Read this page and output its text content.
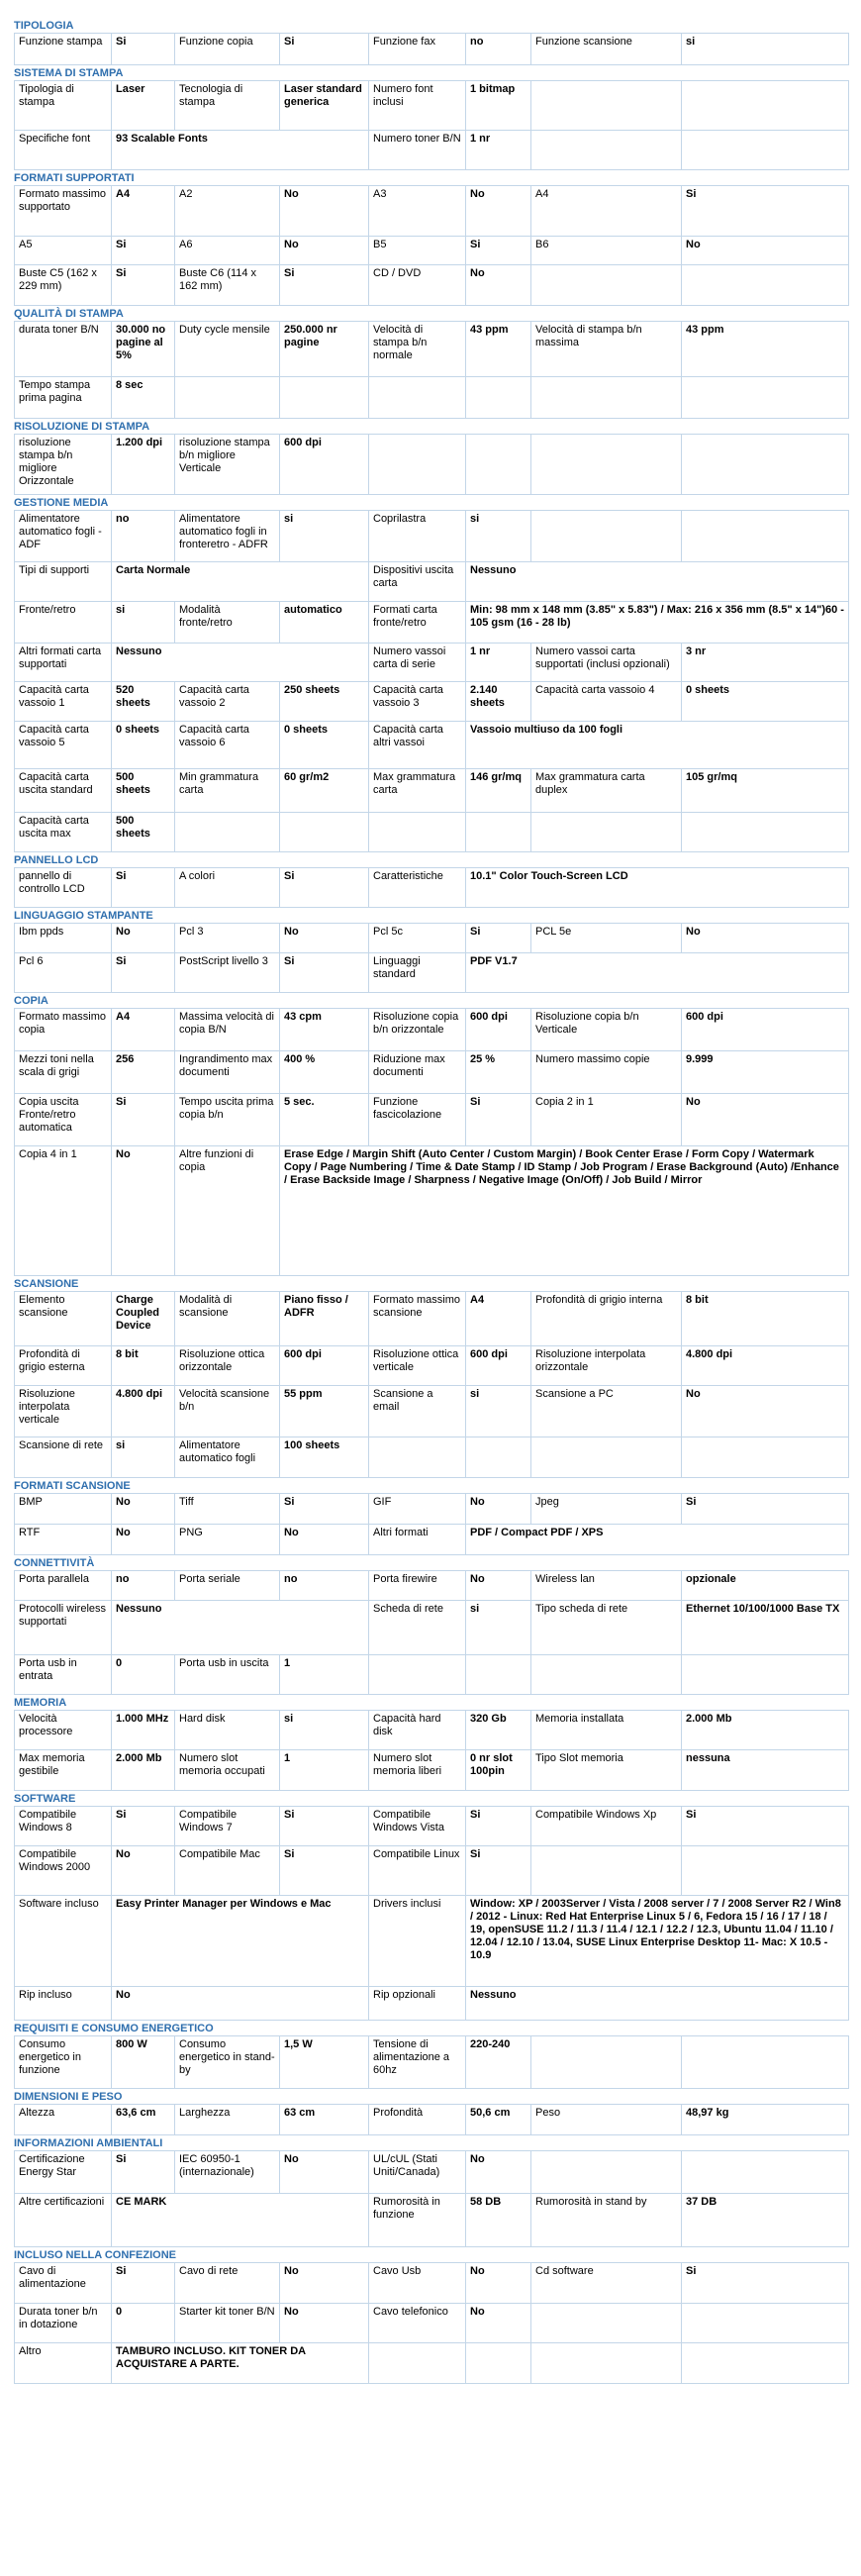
TIPOLOGIA
Funzione stampa	Si	Funzione copia	Si	Funzione fax	no	Funzione scansione	si
SISTEMA DI STAMPA
Tipologia di stampa	Laser	Tecnologia di stampa	Laser standard generica	Numero font inclusi	1 bitmap		
Specifiche font	93 Scalable Fonts			Numero toner B/N	1 nr		
FORMATI SUPPORTATI
Formato massimo supportato	A4	A2	No	A3	No	A4	Si
A5	Si	A6	No	B5	Si	B6	No
Buste C5 (162 x 229 mm)	Si	Buste C6 (114 x 162 mm)	Si	CD / DVD	No		
QUALITÀ DI STAMPA
durata toner B/N	30.000 no pagine al 5%	Duty cycle mensile	250.000 nr pagine	Velocità di stampa b/n normale	43 ppm	Velocità di stampa b/n massima	43 ppm
Tempo stampa prima pagina	8 sec						
RISOLUZIONE DI STAMPA
risoluzione stampa b/n migliore Orizzontale	1.200 dpi	risoluzione stampa b/n migliore Verticale	600 dpi				
GESTIONE MEDIA
Alimentatore automatico fogli - ADF	no	Alimentatore automatico fogli in fronteretro - ADFR	si	Coprilastra	si		
Tipi di supporti	Carta Normale			Dispositivi uscita carta	Nessuno		
Fronte/retro	si	Modalità fronte/retro	automatico	Formati carta fronte/retro	Min: 98 mm x 148 mm (3.85" x 5.83") / Max: 216 x 356 mm (8.5" x 14")60 - 105 gsm (16 - 28 lb)		
Altri formati carta supportati	Nessuno			Numero vassoi carta di serie	1 nr	Numero vassoi carta supportati (inclusi opzionali)	3 nr
Capacità carta vassoio 1	520 sheets	Capacità carta vassoio 2	250 sheets	Capacità carta vassoio 3	2.140 sheets	Capacità carta vassoio 4	0 sheets
Capacità carta vassoio 5	0 sheets	Capacità carta vassoio 6	0 sheets	Capacità carta altri vassoi	Vassoio multiuso da 100 fogli		
Capacità carta uscita standard	500 sheets	Min grammatura carta	60 gr/m2	Max grammatura carta	146 gr/mq	Max grammatura carta duplex	105 gr/mq
Capacità carta uscita max	500 sheets						
PANNELLO LCD
pannello di controllo LCD	Si	A colori	Si	Caratteristiche	10.1" Color Touch-Screen LCD
LINGUAGGIO STAMPANTE
Ibm ppds	No	Pcl 3	No	Pcl 5c	Si	PCL 5e	No
Pcl 6	Si	PostScript livello 3	Si	Linguaggi standard	PDF V1.7		
COPIA
Formato massimo copia	A4	Massima velocità di copia B/N	43 cpm	Risoluzione copia b/n orizzontale	600 dpi	Risoluzione copia b/n Verticale	600 dpi
Mezzi toni nella scala di grigi	256	Ingrandimento max documenti	400 %	Riduzione max documenti	25 %	Numero massimo copie	9.999
Copia uscita Fronte/retro automatica	Si	Tempo uscita prima copia b/n	5 sec.	Funzione fascicolazione	Si	Copia 2 in 1	No
Copia 4 in 1	No	Altre funzioni di copia	Erase Edge / Margin Shift (Auto Center / Custom Margin) / Book Center Erase / Form Copy / Watermark Copy / Page Numbering / Time & Date Stamp / ID Stamp / Job Program / Erase Background (Auto) /Enhance / Erase Backside Image / Sharpness / Negative Image (On/Off) / Job Build / Mirror				
SCANSIONE
Elemento scansione	Charge Coupled Device	Modalità di scansione	Piano fisso / ADFR	Formato massimo scansione	A4	Profondità di grigio interna	8 bit
Profondità di grigio esterna	8 bit	Risoluzione ottica orizzontale	600 dpi	Risoluzione ottica verticale	600 dpi	Risoluzione interpolata orizzontale	4.800 dpi
Risoluzione interpolata verticale	4.800 dpi	Velocità scansione b/n	55 ppm	Scansione a email	si	Scansione a PC	No
Scansione di rete	si	Alimentatore automatico fogli	100 sheets				
FORMATI SCANSIONE
BMP	No	Tiff	Si	GIF	No	Jpeg	Si
RTF	No	PNG	No	Altri formati	PDF / Compact PDF / XPS		
CONNETTIVITÀ
Porta parallela	no	Porta seriale	no	Porta firewire	No	Wireless lan	opzionale
Protocolli wireless supportati	Nessuno			Scheda di rete	si	Tipo scheda di rete	Ethernet 10/100/1000 Base TX
Porta usb in entrata	0	Porta usb in uscita	1				
MEMORIA
Velocità processore	1.000 MHz	Hard disk	si	Capacità hard disk	320 Gb	Memoria installata	2.000 Mb
Max memoria gestibile	2.000 Mb	Numero slot memoria occupati	1	Numero slot memoria liberi	0 nr slot 100pin	Tipo Slot memoria	nessuna
SOFTWARE
Compatibile Windows 8	Si	Compatibile Windows 7	Si	Compatibile Windows Vista	Si	Compatibile Windows Xp	Si
Compatibile Windows 2000	No	Compatibile Mac	Si	Compatibile Linux	Si		
Software incluso	Easy Printer Manager per Windows e Mac			Drivers inclusi	Window: XP / 2003Server / Vista / 2008 server / 7 / 2008 Server R2 / Win8 / 2012 - Linux: Red Hat Enterprise Linux 5 / 6, Fedora 15 / 16 / 17 / 18 / 19, openSUSE 11.2 / 11.3 / 11.4 / 12.1 / 12.2 / 12.3, Ubuntu 11.04 / 11.10 / 12.04 / 12.10 / 13.04, SUSE Linux Enterprise Desktop 11- Mac: X 10.5 - 10.9		
Rip incluso	No			Rip opzionali	Nessuno		
REQUISITI E CONSUMO ENERGETICO
Consumo energetico in funzione	800 W	Consumo energetico in stand-by	1,5 W	Tensione di alimentazione a 60hz	220-240		
DIMENSIONI E PESO
Altezza	63,6 cm	Larghezza	63 cm	Profondità	50,6 cm	Peso	48,97 kg
INFORMAZIONI AMBIENTALI
Certificazione Energy Star	Si	IEC 60950-1 (internazionale)	No	UL/cUL (Stati Uniti/Canada)	No		
Altre certificazioni	CE MARK			Rumorosità in funzione	58 DB	Rumorosità in stand by	37 DB
INCLUSO NELLA CONFEZIONE
Cavo di alimentazione	Si	Cavo di rete	No	Cavo Usb	No	Cd software	Si
Durata toner b/n in dotazione	0	Starter kit toner B/N	No	Cavo telefonico	No		
Altro	TAMBURO INCLUSO. KIT TONER DA ACQUISTARE A PARTE.						
